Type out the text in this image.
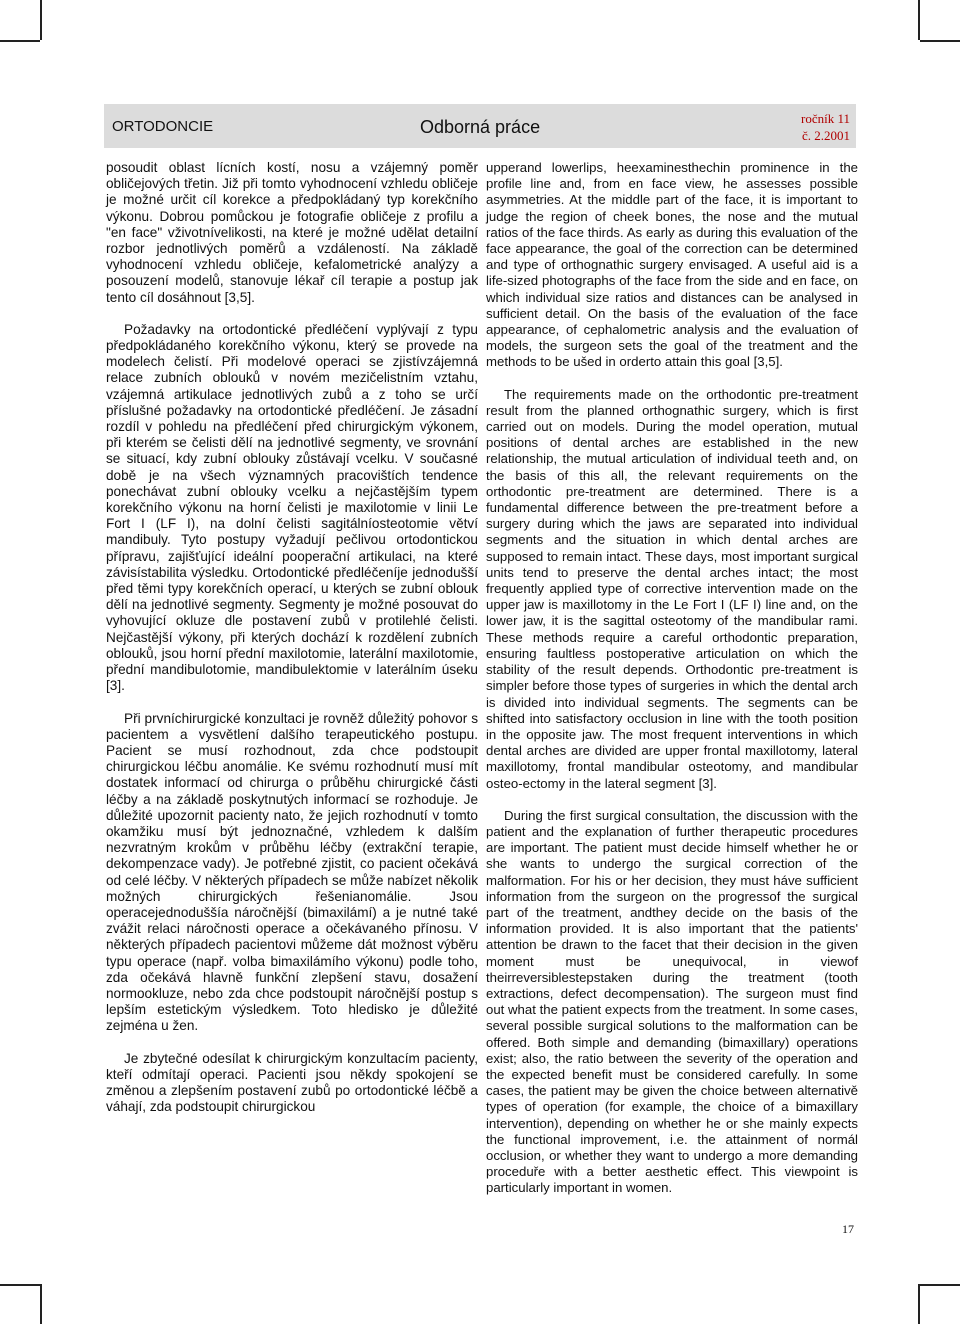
ORTODONCIE	Odborná práce	ročník 11
č. 2.2001

posoudit oblast lícních kostí, nosu a vzájemný poměr obličejových třetin. Již při tomto vyhodnocení vzhledu obličeje je možné určit cíl korekce a předpokládaný typ korekčního výkonu. Dobrou pomůckou je fotografie obličeje z profilu a "en face" vživotnívelikosti, na které je možné udělat detailní rozbor jednotlivých poměrů a vzdáleností. Na základě vyhodnocení vzhledu obličeje, kefalometrické analýzy a posouzení modelů, stanovuje lékař cíl terapie a postup jak tento cíl dosáhnout [3,5].

Požadavky na ortodontické předléčení vyplývají z typu předpokládaného korekčního výkonu, který se provede na modelech čelistí. Při modelové operaci se zjistívzájemná relace zubních oblouků v novém mezičelistním vztahu, vzájemná artikulace jednotlivých zubů a z toho se určí příslušné požadavky na ortodontické předléčení. Je zásadní rozdíl v pohledu na předléčení před chirurgickým výkonem, při kterém se čelisti dělí na jednotlivé segmenty, ve srovnání se situací, kdy zubní oblouky zůstávají vcelku. V současné době je na všech významných pracovištích tendence ponechávat zubní oblouky vcelku a nejčastějším typem korekčního výkonu na horní čelisti je maxilotomie v linii Le Fort I (LF I), na dolní čelisti sagitálníosteotomie větví mandibuly. Tyto postupy vyžadují pečlivou ortodontickou přípravu, zajišťující ideální pooperační artikulaci, na které závisístabilita výsledku. Ortodontické předléčeníje jednodušší před těmi typy korekčních operací, u kterých se zubní oblouk dělí na jednotlivé segmenty. Segmenty je možné posouvat do vyhovující okluze dle postavení zubů v protilehlé čelisti. Nejčastější výkony, při kterých dochází k rozdělení zubních oblouků, jsou horní přední maxilotomie, laterální maxilotomie, přední mandibulotomie, mandibulektomie v laterálním úseku [3].

Při prvníchirurgické konzultaci je rovněž důležitý pohovor s pacientem a vysvětlení dalšího terapeutického postupu. Pacient se musí rozhodnout, zda chce podstoupit chirurgickou léčbu anomálie. Ke svému rozhodnutí musí mít dostatek informací od chirurga o průběhu chirurgické části léčby a na základě poskytnutých informací se rozhoduje. Je důležité upozornit pacienty nato, že jejich rozhodnutí v tomto okamžiku musí být jednoznačné, vzhledem k dalším nezvratným krokům v průběhu léčby (extrakční terapie, dekompenzace vady). Je potřebné zjistit, co pacient očekává od celé léčby. V některých případech se může nabízet několik možných chirurgických řešenianomálie. Jsou operacejednoduššía náročnější (bimaxilámí) a je nutné také zvážit relaci náročnosti operace a očekávaného přínosu. V některých případech pacientovi můžeme dát možnost výběru typu operace (např. volba bimaxilámího výkonu) podle toho, zda očekává hlavně funkční zlepšení stavu, dosažení normookluze, nebo zda chce podstoupit náročnější postup s lepším estetickým výsledkem. Toto hledisko je důležité zejména u žen.

Je zbytečné odesílat k chirurgickým konzultacím pacienty, kteří odmítají operaci. Pacienti jsou někdy spokojení se změnou a zlepšením postavení zubů po ortodontické léčbě a váhají, zda podstoupit chirurgickou

upperand lowerlips, heexaminesthechin prominence in the profile line and, from en face view, he assesses possible asymmetries. At the middle part of the face, it is important to judge the region of cheek bones, the nose and the mutual ratios of the face thirds. As early as during this evaluation of the face appearance, the goal of the correction can be determined and type of orthognathic surgery envisaged. A useful aid is a life-sized photographs of the face from the side and en face, on which individual size ratios and distances can be analysed in sufficient detail. On the basis of the evaluation of the face appearance, of cephalometric analysis and the evaluation of models, the surgeon sets the goal of the treatment and the methods to be ušed in orderto attain this goal [3,5].

The requirements made on the orthodontic pre-treatment result from the planned orthognathic surgery, which is first carried out on models. During the model operation, mutual positions of dental arches are established in the new relationship, the mutual articulation of individual teeth and, on the basis of this all, the relevant requirements on the orthodontic pre-treatment are determined. There is a fundamental difference between the pre-treatment before a surgery during which the jaws are separated into individual segments and the situation in which dental arches are supposed to remain intact. These days, most important surgical units tend to preserve the dental arches intact; the most frequently applied type of corrective intervention made on the upper jaw is maxillotomy in the Le Fort I (LF I) line and, on the lower jaw, it is the sagittal osteotomy of the mandibular rami. These methods require a careful orthodontic preparation, ensuring faultless postoperative articulation on which the stability of the result depends. Orthodontic pre-treatment is simpler before those types of surgeries in which the dental arch is divided into individual segments. The segments can be shifted into satisfactory occlusion in line with the tooth position in the opposite jaw. The most frequent interventions in which dental arches are divided are upper frontal maxillotomy, lateral maxillotomy, frontal mandibular osteotomy, and mandibular osteo-ectomy in the lateral segment [3].

During the first surgical consultation, the discussion with the patient and the explanation of further therapeutic procedures are important. The patient must decide himself whether he or she wants to undergo the surgical correction of the malformation. For his or her decision, they must háve sufficient information from the surgeon on the progressof the surgical part of the treatment, andthey decide on the basis of the information provided. It is also important that the patients' attention be drawn to the facet that their decision in the given moment must be unequivocal, in viewof theirreversiblestepstaken during the treatment (tooth extractions, defect decompensation). The surgeon must find out what the patient expects from the treatment. In some cases, several possible surgical solutions to the malformation can be offered. Both simple and demanding (bimaxillary) operations exist; also, the ratio between the severity of the operation and the expected benefit must be considered carefully. In some cases, the patient may be given the choice between alternativě types of operation (for example, the choice of a bimaxillary intervention), depending on whether he or she mainly expects the functional improvement, i.e. the attainment of normál occlusion, or whether they want to undergo a more demanding proceduře with a better aesthetic effect. This viewpoint is particularly important in women.

17
